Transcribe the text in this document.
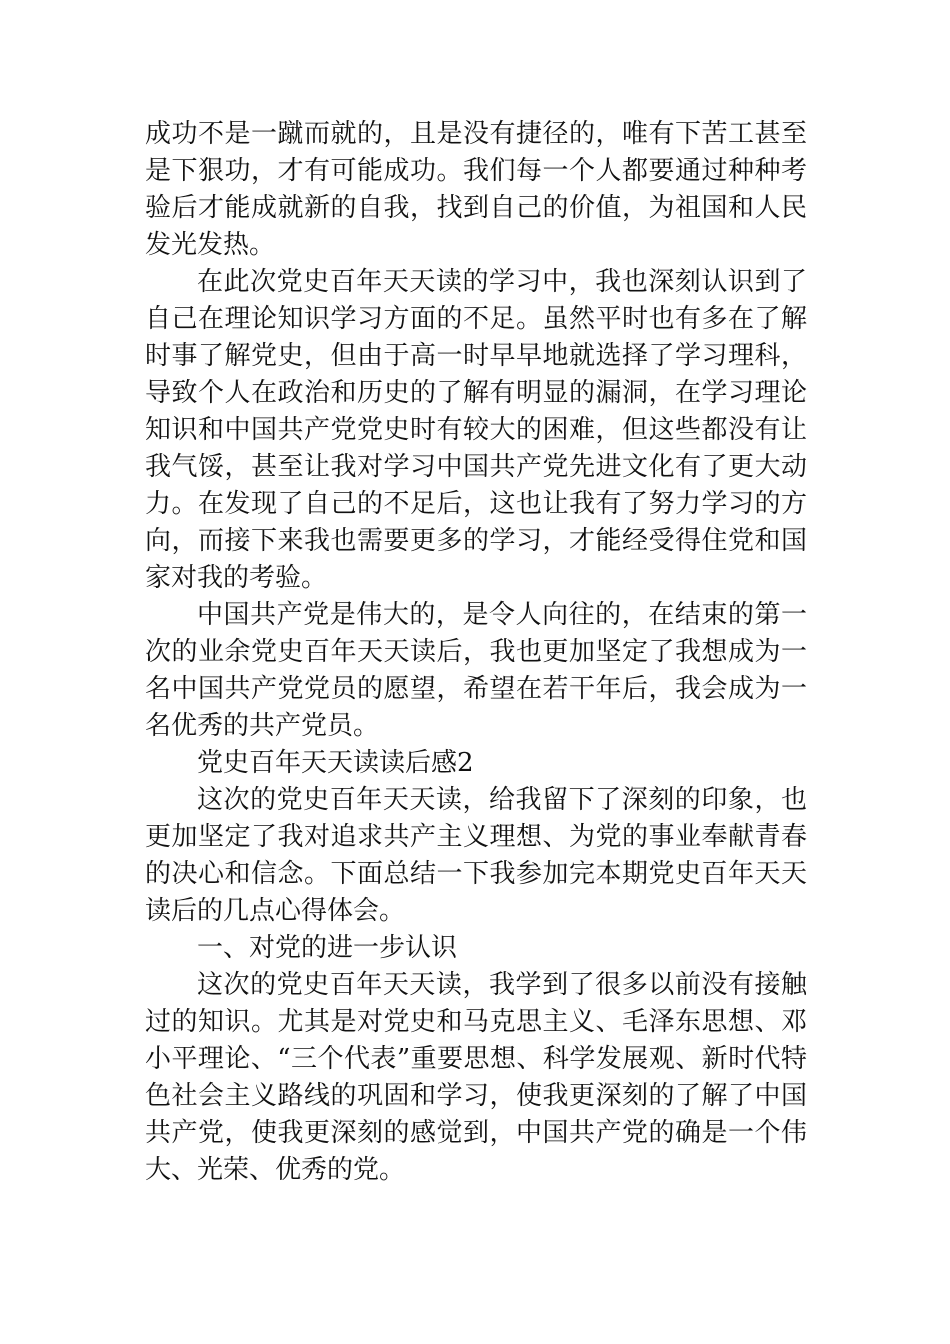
成功不是一蹴而就的，且是没有捷径的，唯有下苦工甚至是下狠功，才有可能成功。我们每一个人都要通过种种考验后才能成就新的自我，找到自己的价值，为祖国和人民发光发热。

在此次党史百年天天读的学习中，我也深刻认识到了自己在理论知识学习方面的不足。虽然平时也有多在了解时事了解党史，但由于高一时早早地就选择了学习理科，导致个人在政治和历史的了解有明显的漏洞，在学习理论知识和中国共产党党史时有较大的困难，但这些都没有让我气馁，甚至让我对学习中国共产党先进文化有了更大动力。在发现了自己的不足后，这也让我有了努力学习的方向，而接下来我也需要更多的学习，才能经受得住党和国家对我的考验。

中国共产党是伟大的，是令人向往的，在结束的第一次的业余党史百年天天读后，我也更加坚定了我想成为一名中国共产党党员的愿望，希望在若干年后，我会成为一名优秀的共产党员。

党史百年天天读读后感2

这次的党史百年天天读，给我留下了深刻的印象，也更加坚定了我对追求共产主义理想、为党的事业奉献青春的决心和信念。下面总结一下我参加完本期党史百年天天读后的几点心得体会。

一、对党的进一步认识

这次的党史百年天天读，我学到了很多以前没有接触过的知识。尤其是对党史和马克思主义、毛泽东思想、邓小平理论、“三个代表”重要思想、科学发展观、新时代特色社会主义路线的巩固和学习，使我更深刻的了解了中国共产党，使我更深刻的感觉到，中国共产党的确是一个伟大、光荣、优秀的党。
